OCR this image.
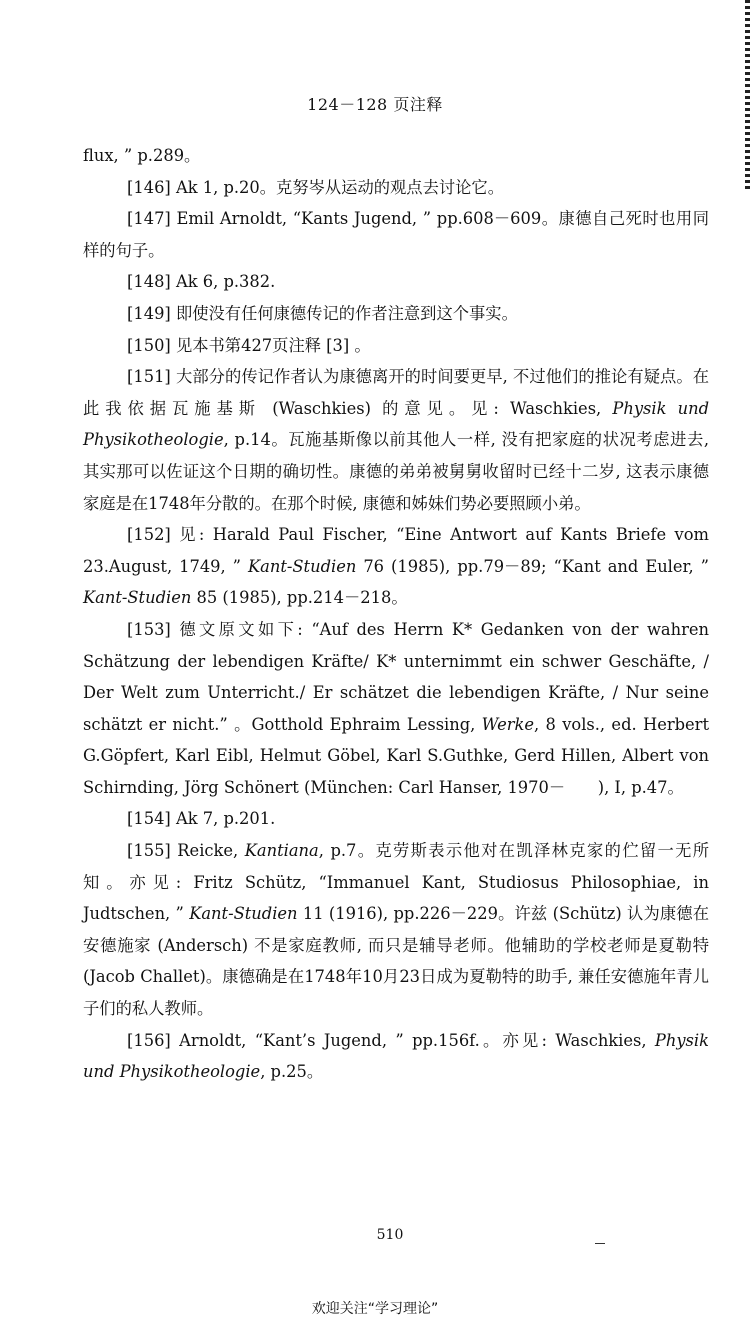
124－128 页注释

flux, ” p.289。

[146] Ak 1, p.20。克努岑从运动的观点去讨论它。

[147] Emil Arnoldt, “Kants Jugend, ” pp.608－609。康德自己死时也用同样的句子。

[148] Ak 6, p.382.

[149] 即使没有任何康德传记的作者注意到这个事实。

[150] 见本书第427页注释 [3] 。

[151] 大部分的传记作者认为康德离开的时间要更早, 不过他们的推论有疑点。在此我依据瓦施基斯 (Waschkies) 的意见。见: Waschkies, Physik und Physikotheologie, p.14。瓦施基斯像以前其他人一样, 没有把家庭的状况考虑进去, 其实那可以佐证这个日期的确切性。康德的弟弟被舅舅收留时已经十二岁, 这表示康德家庭是在1748年分散的。在那个时候, 康德和姊妹们势必要照顾小弟。

[152] 见: Harald Paul Fischer, “Eine Antwort auf Kants Briefe vom 23.August, 1749, ” Kant-Studien 76 (1985), pp.79－89; “Kant and Euler, ” Kant-Studien 85 (1985), pp.214－218。

[153] 德文原文如下: “Auf des Herrn K* Gedanken von der wahren Schätzung der lebendigen Kräfte/ K* unternimmt ein schwer Geschäfte, / Der Welt zum Unterricht./ Er schätzet die lebendigen Kräfte, / Nur seine schätzt er nicht.” 。Gotthold Ephraim Lessing, Werke, 8 vols., ed. Herbert G.Göpfert, Karl Eibl, Helmut Göbel, Karl S.Guthke, Gerd Hillen, Albert von Schirnding, Jörg Schönert (München: Carl Hanser, 1970－　　), I, p.47。

[154] Ak 7, p.201.

[155] Reicke, Kantiana, p.7。克劳斯表示他对在凯泽林克家的伫留一无所知。亦见: Fritz Schütz, “Immanuel Kant, Studiosus Philosophiae, in Judtschen, ” Kant-Studien 11 (1916), pp.226－229。许兹 (Schütz) 认为康德在安德施家 (Andersch) 不是家庭教师, 而只是辅导老师。他辅助的学校老师是夏勒特 (Jacob Challet)。康德确是在1748年10月23日成为夏勒特的助手, 兼任安德施年青儿子们的私人教师。

[156] Arnoldt, “Kant’s Jugend, ” pp.156f.。亦见: Waschkies, Physik und Physikotheologie, p.25。

510
欢迎关注“学习理论”
